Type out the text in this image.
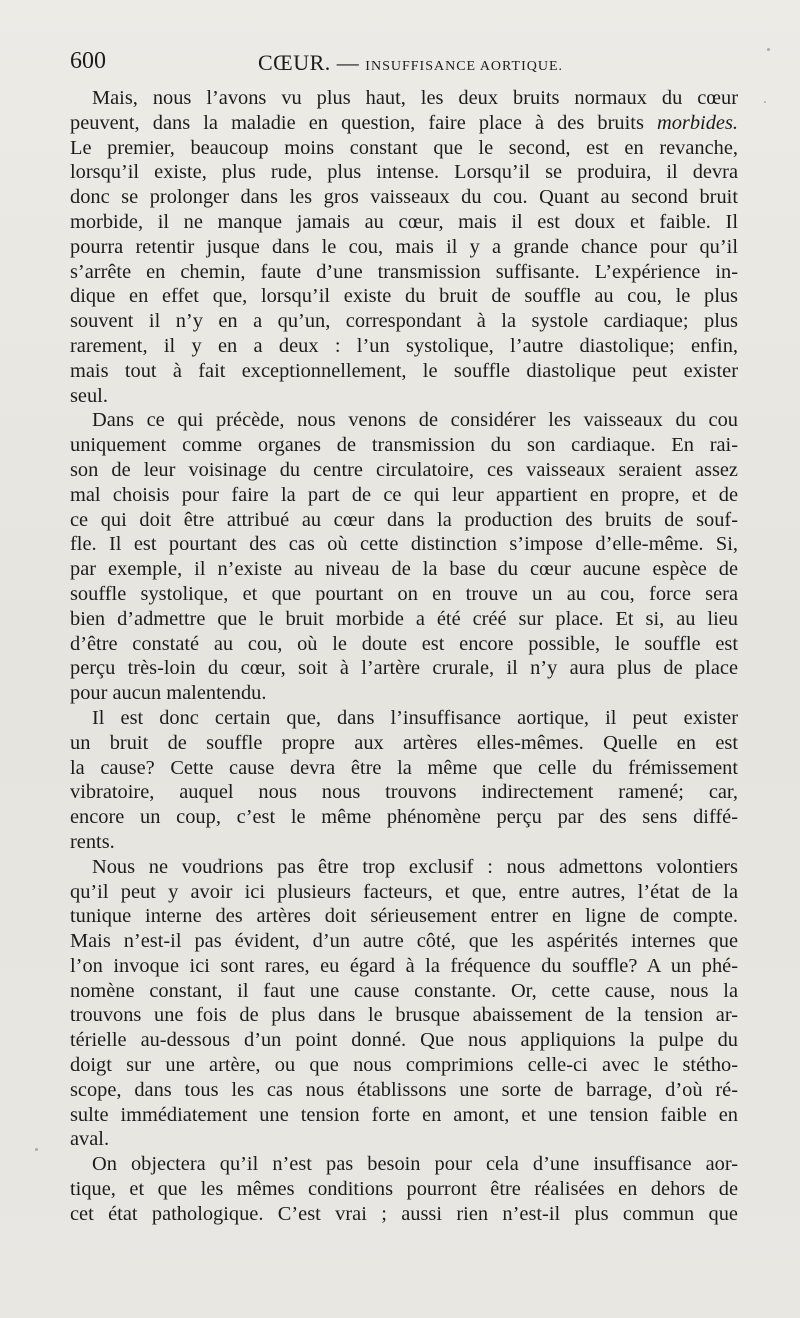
600	CŒUR. — INSUFFISANCE AORTIQUE.
Mais, nous l’avons vu plus haut, les deux bruits normaux du cœur
peuvent, dans la maladie en question, faire place à des bruits morbides.
Le premier, beaucoup moins constant que le second, est en revanche,
lorsqu’il existe, plus rude, plus intense. Lorsqu’il se produira, il devra
donc se prolonger dans les gros vaisseaux du cou. Quant au second bruit
morbide, il ne manque jamais au cœur, mais il est doux et faible. Il
pourra retentir jusque dans le cou, mais il y a grande chance pour qu’il
s’arrête en chemin, faute d’une transmission suffisante. L’expérience in-
dique en effet que, lorsqu’il existe du bruit de souffle au cou, le plus
souvent il n’y en a qu’un, correspondant à la systole cardiaque; plus
rarement, il y en a deux : l’un systolique, l’autre diastolique; enfin,
mais tout à fait exceptionnellement, le souffle diastolique peut exister
seul.
Dans ce qui précède, nous venons de considérer les vaisseaux du cou
uniquement comme organes de transmission du son cardiaque. En rai-
son de leur voisinage du centre circulatoire, ces vaisseaux seraient assez
mal choisis pour faire la part de ce qui leur appartient en propre, et de
ce qui doit être attribué au cœur dans la production des bruits de souf-
fle. Il est pourtant des cas où cette distinction s’impose d’elle-même. Si,
par exemple, il n’existe au niveau de la base du cœur aucune espèce de
souffle systolique, et que pourtant on en trouve un au cou, force sera
bien d’admettre que le bruit morbide a été créé sur place. Et si, au lieu
d’être constaté au cou, où le doute est encore possible, le souffle est
perçu très-loin du cœur, soit à l’artère crurale, il n’y aura plus de place
pour aucun malentendu.
Il est donc certain que, dans l’insuffisance aortique, il peut exister
un bruit de souffle propre aux artères elles-mêmes. Quelle en est
la cause? Cette cause devra être la même que celle du frémissement
vibratoire, auquel nous nous trouvons indirectement ramené; car,
encore un coup, c’est le même phénomène perçu par des sens diffé-
rents.
Nous ne voudrions pas être trop exclusif : nous admettons volontiers
qu’il peut y avoir ici plusieurs facteurs, et que, entre autres, l’état de la
tunique interne des artères doit sérieusement entrer en ligne de compte.
Mais n’est-il pas évident, d’un autre côté, que les aspérités internes que
l’on invoque ici sont rares, eu égard à la fréquence du souffle? A un phé-
nomène constant, il faut une cause constante. Or, cette cause, nous la
trouvons une fois de plus dans le brusque abaissement de la tension ar-
térielle au-dessous d’un point donné. Que nous appliquions la pulpe du
doigt sur une artère, ou que nous comprimions celle-ci avec le stétho-
scope, dans tous les cas nous établissons une sorte de barrage, d’où ré-
sulte immédiatement une tension forte en amont, et une tension faible en
aval.
On objectera qu’il n’est pas besoin pour cela d’une insuffisance aor-
tique, et que les mêmes conditions pourront être réalisées en dehors de
cet état pathologique. C’est vrai ; aussi rien n’est-il plus commun que
